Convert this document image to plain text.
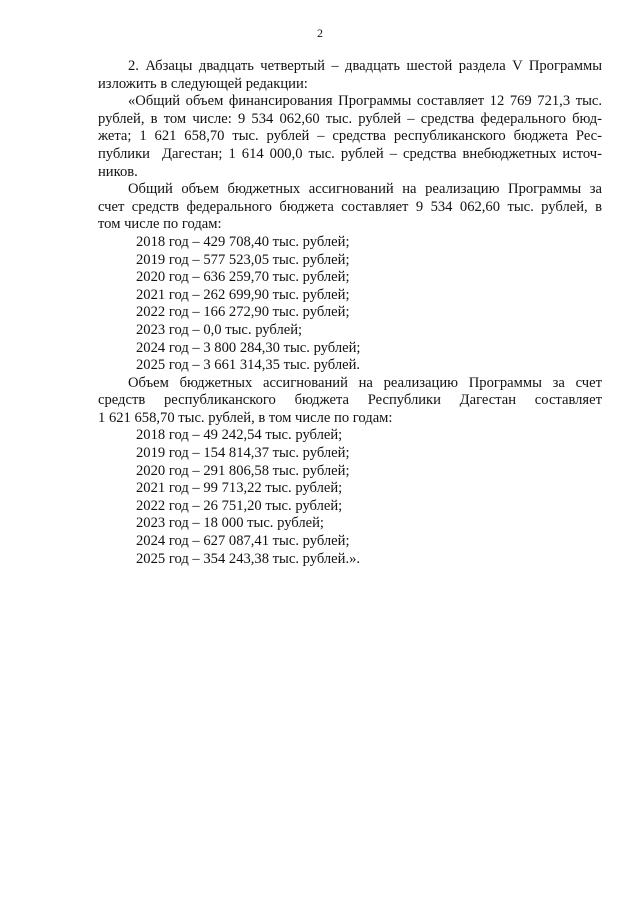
2
2. Абзацы двадцать четвертый – двадцать шестой раздела V Программы
изложить в следующей редакции:
«Общий объем финансирования Программы составляет 12 769 721,3 тыс.
рублей, в том числе: 9 534 062,60 тыс. рублей – средства федерального бюд-
жета; 1 621 658,70 тыс. рублей – средства республиканского бюджета Рес-
публики  Дагестан; 1 614 000,0 тыс. рублей – средства внебюджетных источ-
ников.
Общий объем бюджетных ассигнований на реализацию Программы за
счет средств федерального бюджета составляет 9 534 062,60 тыс. рублей, в
том числе по годам:
2018 год – 429 708,40 тыс. рублей;
2019 год – 577 523,05 тыс. рублей;
2020 год – 636 259,70 тыс. рублей;
2021 год – 262 699,90 тыс. рублей;
2022 год – 166 272,90 тыс. рублей;
2023 год – 0,0 тыс. рублей;
2024 год – 3 800 284,30 тыс. рублей;
2025 год – 3 661 314,35 тыс. рублей.
Объем бюджетных ассигнований на реализацию Программы за счет
средств республиканского бюджета Республики Дагестан составляет
1 621 658,70 тыс. рублей, в том числе по годам:
2018 год – 49 242,54 тыс. рублей;
2019 год – 154 814,37 тыс. рублей;
2020 год – 291 806,58 тыс. рублей;
2021 год – 99 713,22 тыс. рублей;
2022 год – 26 751,20 тыс. рублей;
2023 год – 18 000 тыс. рублей;
2024 год – 627 087,41 тыс. рублей;
2025 год – 354 243,38 тыс. рублей.».
